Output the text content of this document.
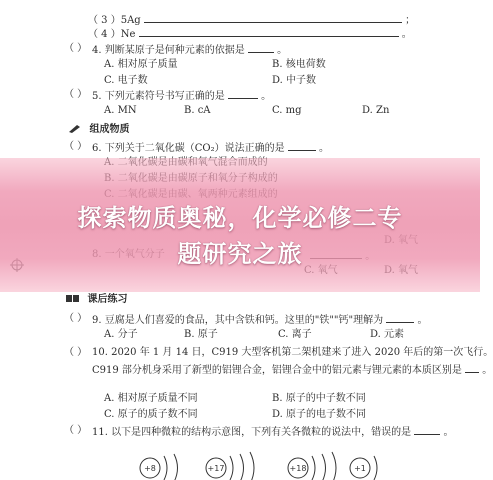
（ 3 ）5Ag	；
（ 4 ）Ne	。
（ ） 4. 判断某原子是何种元素的依据是	。
A. 相对原子质量	B. 核电荷数
C. 电子数	D. 中子数
（ ） 5. 下列元素符号书写正确的是	。
A. MN	B. cA	C. mg	D. Zn
组成物质
（ ） 6. 下列关于二氧化碳（CO₂）说法正确的是	。
课后练习
（ ） 9. 豆腐是人们喜爱的食品，其中含铁和钙。这里的"铁""钙"理解为	。
A. 分子	B. 原子	C. 离子	D. 元素
（ ） 10. 2020 年 1 月 14 日，C919 大型客机第二架机建来了进入 2020 年后的第一次飞行。
C919 部分机身采用了新型的铝锂合金，铝锂合金中的铝元素与锂元素的本质区别是 。
A. 相对原子质量不同	B. 原子的中子数不同
C. 原子的质子数不同	D. 原子的电子数不同
（ ） 11. 以下是四种微粒的结构示意图，下列有关各微粒的说法中，错误的是	。
+8	+17	+18	+1
探索物质奥秘，化学必修二专
题研究之旅
